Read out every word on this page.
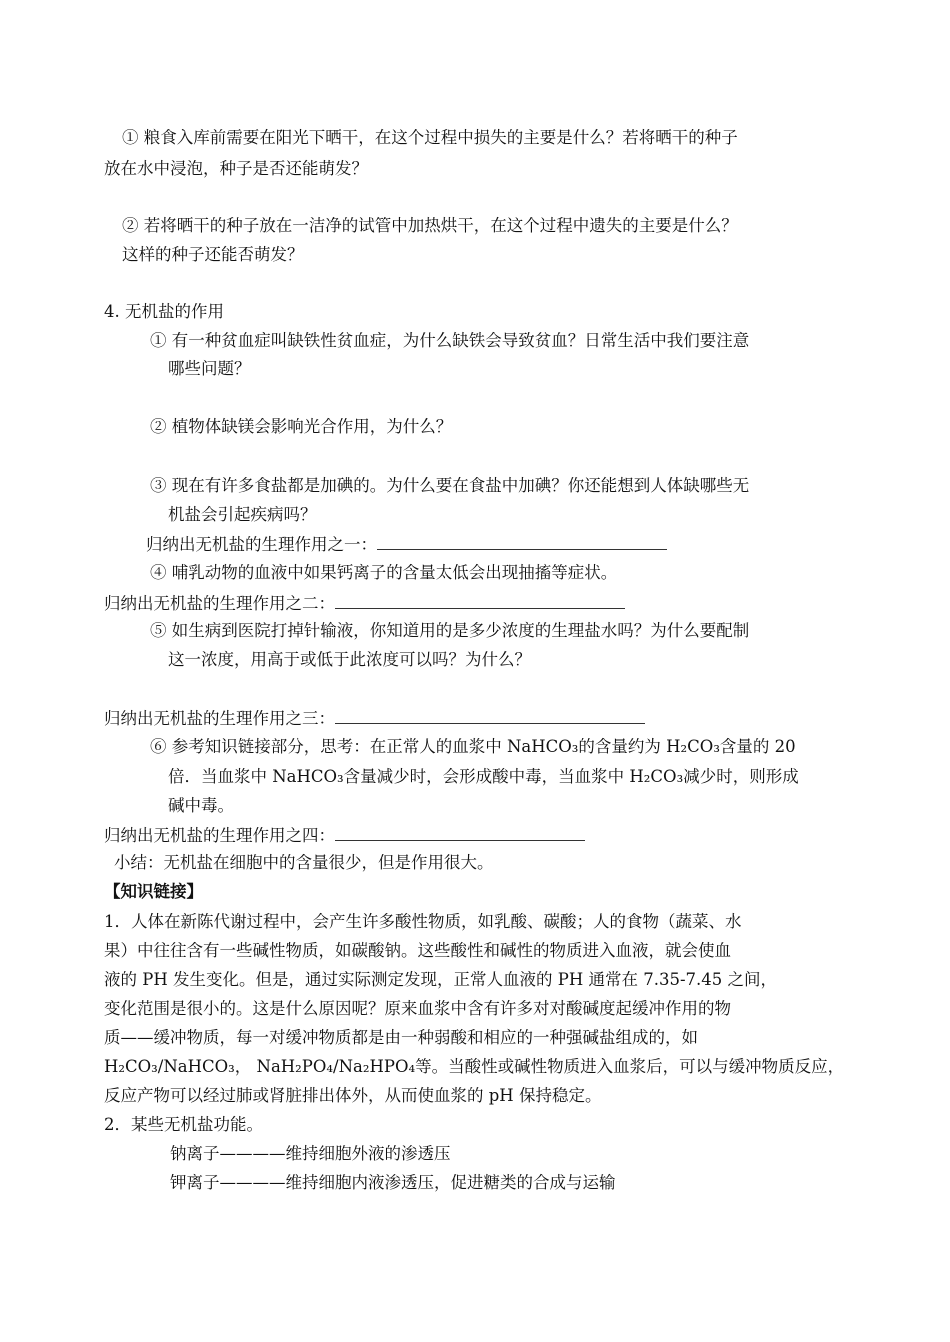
① 粮食入库前需要在阳光下晒干，在这个过程中损失的主要是什么？若将晒干的种子
放在水中浸泡，种子是否还能萌发？
② 若将晒干的种子放在一洁净的试管中加热烘干，在这个过程中遗失的主要是什么？
这样的种子还能否萌发？
4. 无机盐的作用
① 有一种贫血症叫缺铁性贫血症，为什么缺铁会导致贫血？日常生活中我们要注意
哪些问题？
② 植物体缺镁会影响光合作用，为什么？
③ 现在有许多食盐都是加碘的。为什么要在食盐中加碘？你还能想到人体缺哪些无
机盐会引起疾病吗？
归纳出无机盐的生理作用之一：
④ 哺乳动物的血液中如果钙离子的含量太低会出现抽搐等症状。
归纳出无机盐的生理作用之二：
⑤ 如生病到医院打掉针输液，你知道用的是多少浓度的生理盐水吗？为什么要配制
这一浓度，用高于或低于此浓度可以吗？为什么？
归纳出无机盐的生理作用之三：
⑥ 参考知识链接部分，思考：在正常人的血浆中 NaHCO₃的含量约为 H₂CO₃含量的 20
倍．当血浆中 NaHCO₃含量减少时，会形成酸中毒，当血浆中 H₂CO₃减少时，则形成
碱中毒。
归纳出无机盐的生理作用之四：
小结：无机盐在细胞中的含量很少，但是作用很大。
【知识链接】
1．人体在新陈代谢过程中，会产生许多酸性物质，如乳酸、碳酸；人的食物（蔬菜、水
果）中往往含有一些碱性物质，如碳酸钠。这些酸性和碱性的物质进入血液，就会使血
液的 PH 发生变化。但是，通过实际测定发现，正常人血液的 PH 通常在 7.35-7.45 之间，
变化范围是很小的。这是什么原因呢？原来血浆中含有许多对对酸碱度起缓冲作用的物
质——缓冲物质，每一对缓冲物质都是由一种弱酸和相应的一种强碱盐组成的，如
H₂CO₃/NaHCO₃， NaH₂PO₄/Na₂HPO₄等。当酸性或碱性物质进入血浆后，可以与缓冲物质反应，
反应产物可以经过肺或肾脏排出体外，从而使血浆的 pH 保持稳定。
2．某些无机盐功能。
钠离子————维持细胞外液的渗透压
钾离子————维持细胞内液渗透压，促进糖类的合成与运输
